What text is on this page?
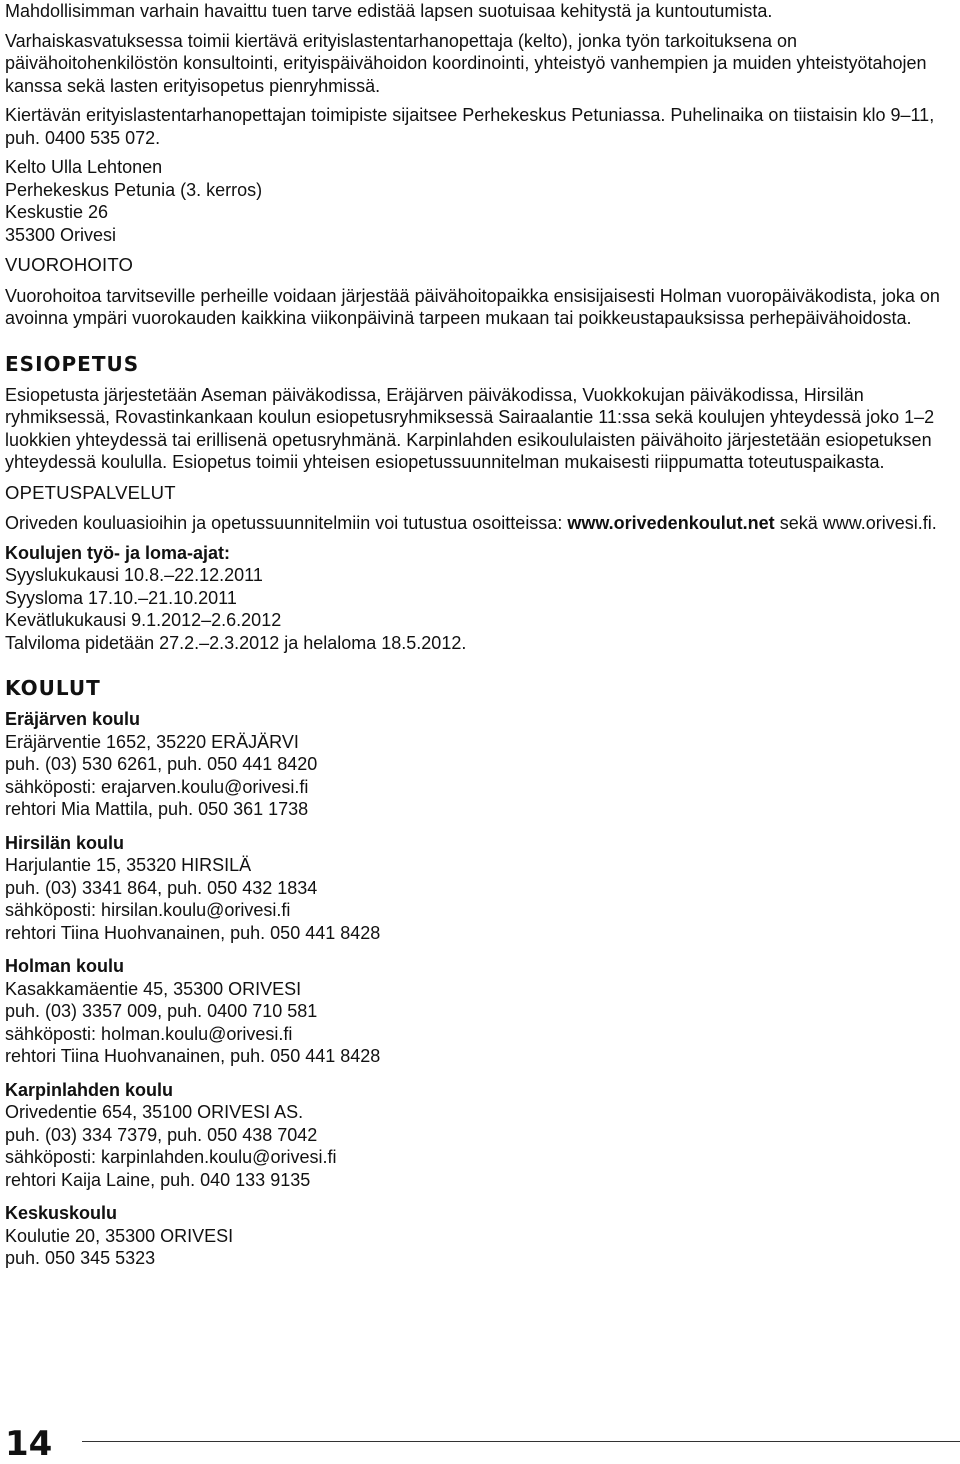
Mahdollisimman varhain havaittu tuen tarve edistää lapsen suotuisaa kehitystä ja kuntoutumista.

Varhaiskasvatuksessa toimii kiertävä erityislastentarhanopettaja (kelto), jonka työn tarkoituksena on päivähoitohenkilöstön konsultointi, erityispäivähoidon koordinointi, yhteistyö vanhempien ja muiden yhteistyötahojen kanssa sekä lasten erityisopetus pienryhmissä.

Kiertävän erityislastentarhanopettajan toimipiste sijaitsee Perhekeskus Petuniassa. Puhelinaika on tiistaisin klo 9–11, puh. 0400 535 072.

Kelto Ulla Lehtonen
Perhekeskus Petunia (3. kerros)
Keskustie 26
35300 Orivesi
VUOROHOITO

Vuorohoitoa tarvitseville perheille voidaan järjestää päivähoitopaikka ensisijaisesti Holman vuoropäiväkodista, joka on avoinna ympäri vuorokauden kaikkina viikonpäivinä tarpeen mukaan tai poikkeustapauksissa perhepäivähoidosta.

ESIOPETUS

Esiopetusta järjestetään Aseman päiväkodissa, Eräjärven päiväkodissa, Vuokkokujan päiväkodissa, Hirsilän ryhmiksessä, Rovastinkankaan koulun esiopetusryhmiksessä Sairaalantie 11:ssa sekä koulujen yhteydessä joko 1–2 luokkien yhteydessä tai erillisenä opetusryhmänä. Karpinlahden esikoululaisten päivähoito järjestetään esiopetuksen yhteydessä koululla. Esiopetus toimii yhteisen esiopetussuunnitelman mukaisesti riippumatta toteutuspaikasta.

OPETUSPALVELUT

Oriveden kouluasioihin ja opetussuunnitelmiin voi tutustua osoitteissa: www.orivedenkoulut.net sekä www.orivesi.fi.

Koulujen työ- ja loma-ajat:
Syyslukukausi 10.8.–22.12.2011
Syysloma 17.10.–21.10.2011
Kevätlukukausi 9.1.2012–2.6.2012
Talviloma pidetään 27.2.–2.3.2012 ja helaloma 18.5.2012.
KOULUT
Eräjärven koulu
Eräjärventie 1652, 35220 ERÄJÄRVI
puh. (03) 530 6261, puh. 050 441 8420
sähköposti: erajarven.koulu@orivesi.fi
rehtori Mia Mattila, puh. 050 361 1738
Hirsilän koulu
Harjulantie 15, 35320 HIRSILÄ
puh. (03) 3341 864, puh. 050 432 1834
sähköposti: hirsilan.koulu@orivesi.fi
rehtori Tiina Huohvanainen, puh. 050 441 8428
Holman koulu
Kasakkamäentie 45, 35300 ORIVESI
puh. (03) 3357 009, puh. 0400 710 581
sähköposti: holman.koulu@orivesi.fi
rehtori Tiina Huohvanainen, puh. 050 441 8428
Karpinlahden koulu
Orivedentie 654, 35100 ORIVESI AS.
puh. (03) 334 7379, puh. 050 438 7042
sähköposti: karpinlahden.koulu@orivesi.fi
rehtori Kaija Laine, puh. 040 133 9135
Keskuskoulu
Koulutie 20, 35300 ORIVESI
puh. 050 345 5323
14
